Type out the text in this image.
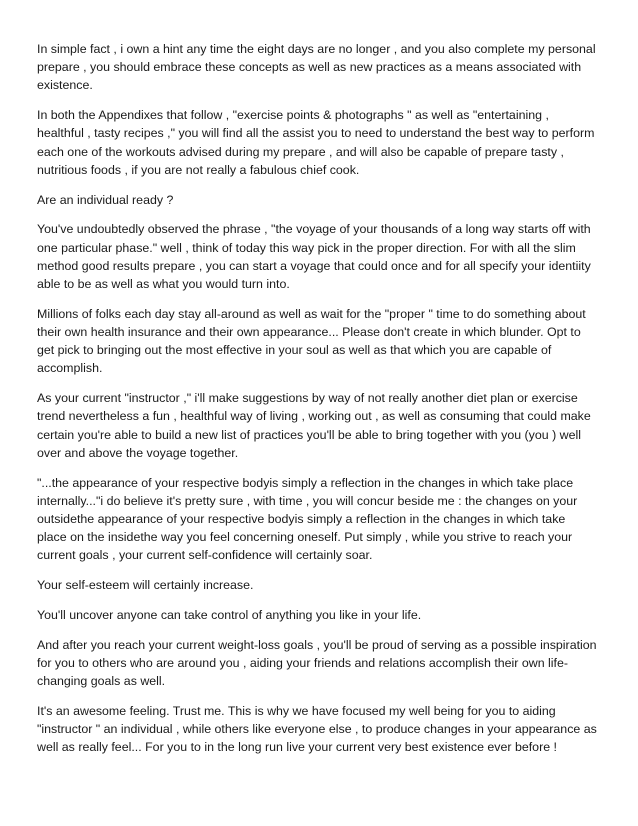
In simple fact , i own a hint any time the eight days are no longer , and you also complete my personal prepare , you should embrace these concepts as well as new practices as a means associated with existence.

In both the Appendixes that follow , "exercise points & photographs " as well as "entertaining , healthful , tasty recipes ," you will find all the assist you to need to understand the best way to perform each one of the workouts advised during my prepare , and will also be capable of prepare tasty , nutritious foods , if you are not really a fabulous chief cook.

Are an individual ready ?

You've undoubtedly observed the phrase , "the voyage of your thousands of a long way starts off with one particular phase." well , think of today this way pick in the proper direction. For with all the slim method good results prepare , you can start a voyage that could once and for all specify your identiity able to be as well as what you would turn into.

Millions of folks each day stay all-around as well as wait for the "proper " time to do something about their own health insurance and their own appearance... Please don't create in which blunder. Opt to get pick to bringing out the most effective in your soul as well as that which you are capable of accomplish.

As your current "instructor ," i'll make suggestions by way of not really another diet plan or exercise trend nevertheless a fun , healthful way of living , working out , as well as consuming that could make certain you're able to build a new list of practices you'll be able to bring together with you (you ) well over and above the voyage together.

"...the appearance of your respective bodyis simply a reflection in the changes in which take place internally..."i do believe it's pretty sure , with time , you will concur beside me : the changes on your outsidethe appearance of your respective bodyis simply a reflection in the changes in which take place on the insidethe way you feel concerning oneself. Put simply , while you strive to reach your current goals , your current self-confidence will certainly soar.

Your self-esteem will certainly increase.

You'll uncover anyone can take control of anything you like in your life.

And after you reach your current weight-loss goals , you'll be proud of serving as a possible inspiration for you to others who are around you , aiding your friends and relations accomplish their own life-changing goals as well.

It's an awesome feeling. Trust me. This is why we have focused my well being for you to aiding "instructor " an individual , while others like everyone else , to produce changes in your appearance as well as really feel... For you to in the long run live your current very best existence ever before !
